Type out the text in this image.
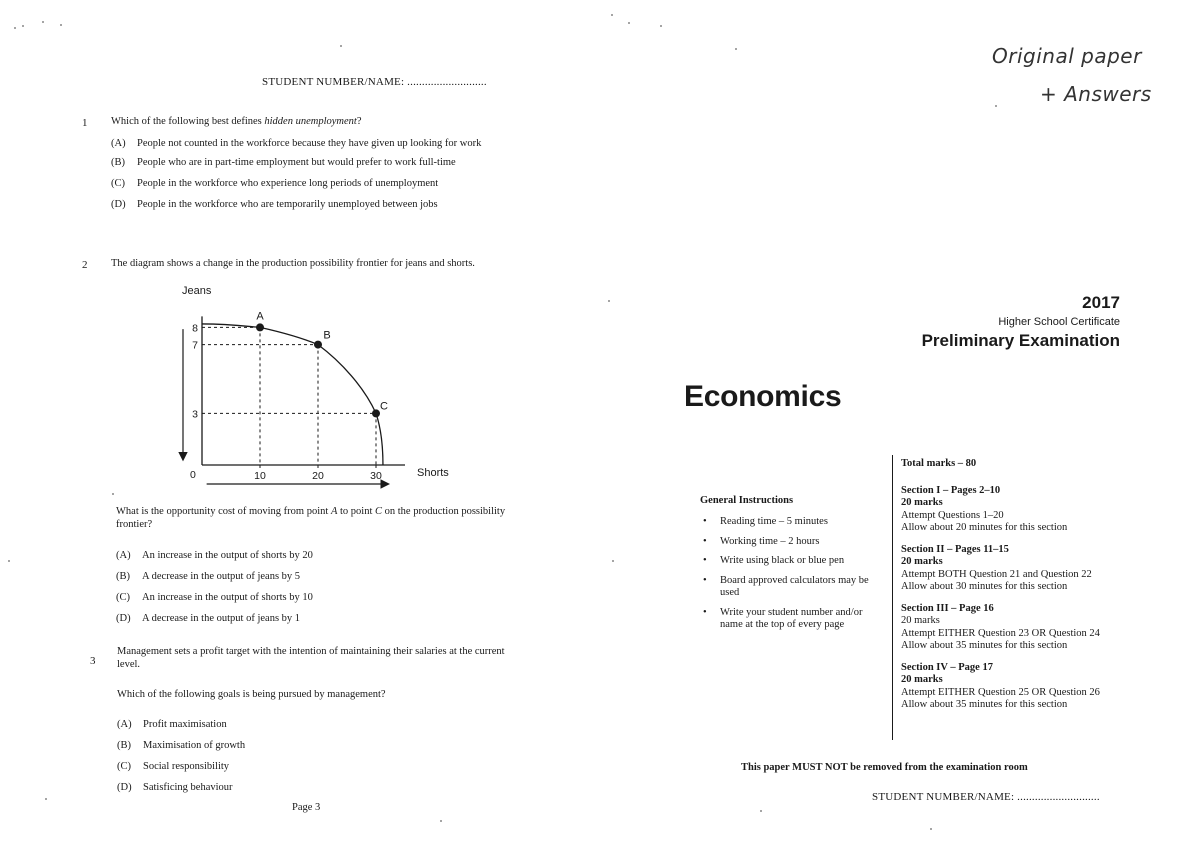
STUDENT NUMBER/NAME: ...........................
1 Which of the following best defines hidden unemployment?
(A)	People not counted in the workforce because they have given up looking for work
(B)	People who are in part-time employment but would prefer to work full-time
(C)	People in the workforce who experience long periods of unemployment
(D)	People in the workforce who are temporarily unemployed between jobs
2 The diagram shows a change in the production possibility frontier for jeans and shorts.
Jeans
Shorts
0	10	20	30
3
7
8
A
B
C
What is the opportunity cost of moving from point A to point C on the production possibility frontier?
(A) An increase in the output of shorts by 20
(B) A decrease in the output of jeans by 5
(C) An increase in the output of shorts by 10
(D) A decrease in the output of jeans by 1
3
Management sets a profit target with the intention of maintaining their salaries at the current level.
Which of the following goals is being pursued by management?
(A) Profit maximisation
(B) Maximisation of growth
(C) Social responsibility
(D) Satisficing behaviour
Page 3
Original paper
+ Answers
2017
Higher School Certificate
Preliminary Examination
Economics
General Instructions
• Reading time – 5 minutes
• Working time – 2 hours
• Write using black or blue pen
• Board approved calculators may be used
• Write your student number and/or name at the top of every page
Total marks – 80
Section I – Pages 2–10
20 marks
Attempt Questions 1–20
Allow about 20 minutes for this section
Section II – Pages 11–15
20 marks
Attempt BOTH Question 21 and Question 22
Allow about 30 minutes for this section
Section III – Page 16
20 marks
Attempt EITHER Question 23 OR Question 24
Allow about 35 minutes for this section
Section IV – Page 17
20 marks
Attempt EITHER Question 25 OR Question 26
Allow about 35 minutes for this section
This paper MUST NOT be removed from the examination room
STUDENT NUMBER/NAME: ............................
